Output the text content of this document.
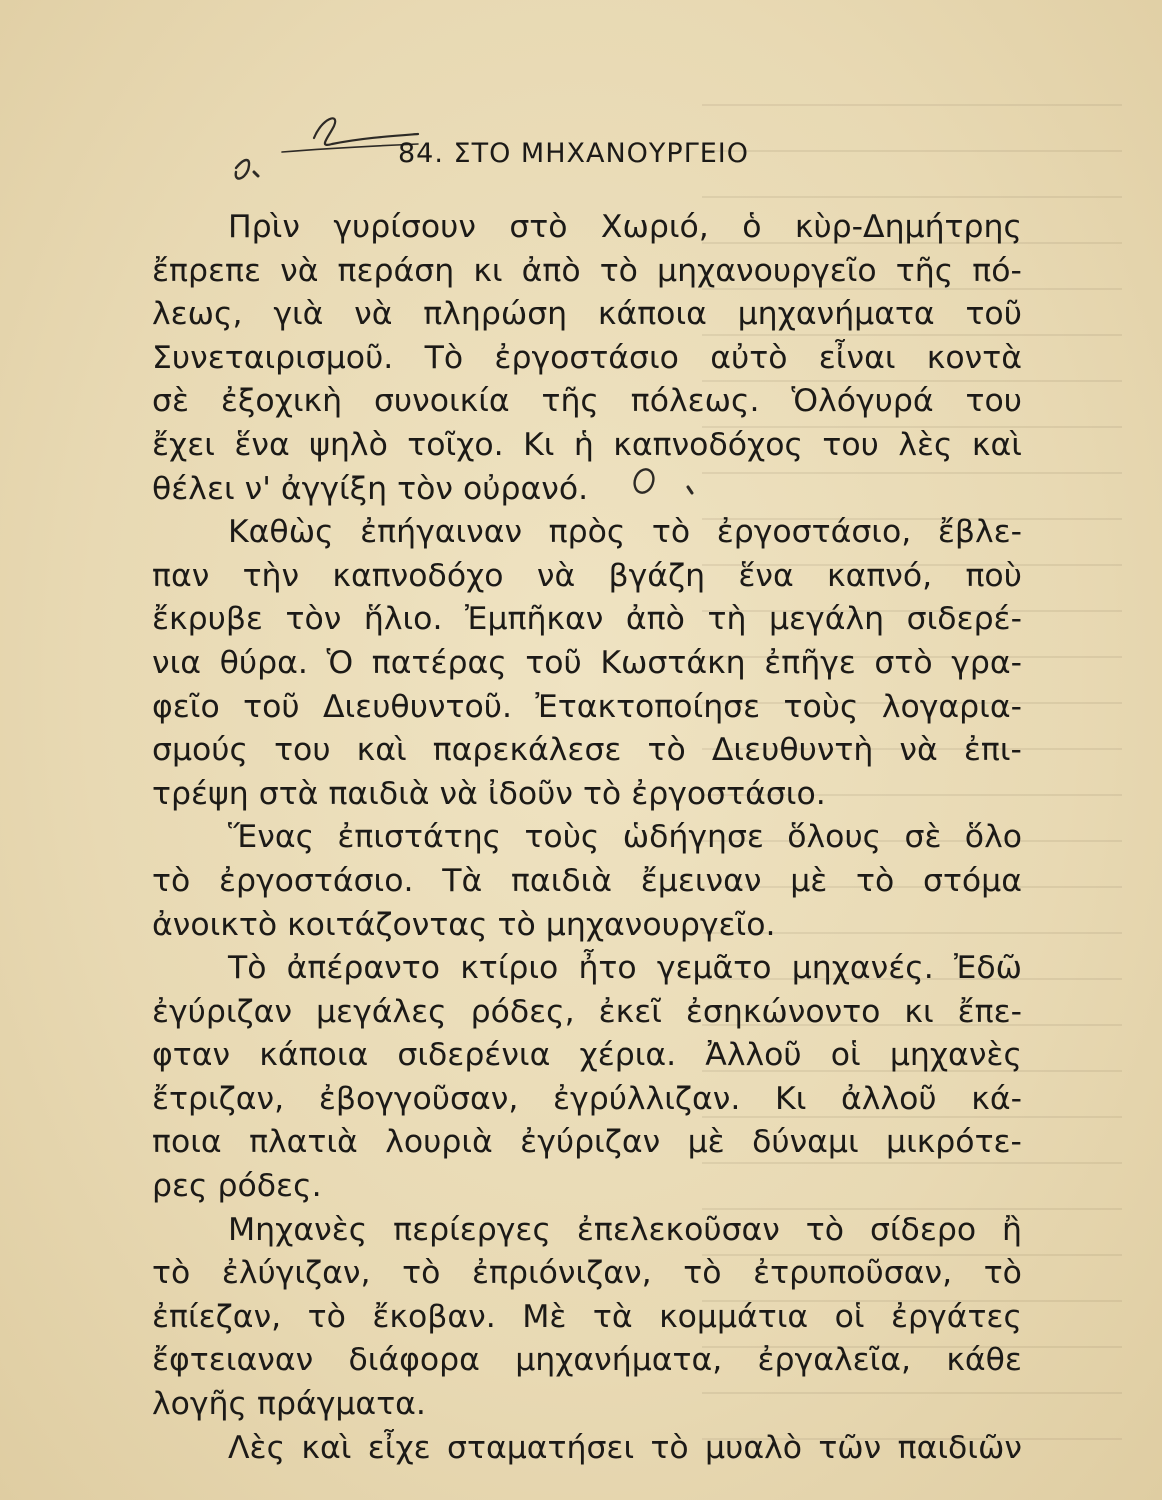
84. ΣΤΟ ΜΗΧΑΝΟΥΡΓΕΙΟ
Πρὶν γυρίσουν στὸ Χωριό, ὁ κὺρ-Δημήτρης
ἔπρεπε νὰ περάση κι ἀπὸ τὸ μηχανουργεῖο τῆς πό-
λεως, γιὰ νὰ πληρώση κάποια μηχανήματα τοῦ
Συνεταιρισμοῦ. Τὸ ἐργοστάσιο αὐτὸ εἶναι κοντὰ
σὲ ἐξοχικὴ συνοικία τῆς πόλεως. Ὁλόγυρά του
ἔχει ἕνα ψηλὸ τοῖχο. Κι ἡ καπνοδόχος του λὲς καὶ
θέλει ν' ἀγγίξη τὸν οὐρανό.
Καθὼς ἐπήγαιναν πρὸς τὸ ἐργοστάσιο, ἔβλε-
παν τὴν καπνοδόχο νὰ βγάζη ἕνα καπνό, ποὺ
ἔκρυβε τὸν ἥλιο. Ἐμπῆκαν ἀπὸ τὴ μεγάλη σιδερέ-
νια θύρα. Ὁ πατέρας τοῦ Κωστάκη ἐπῆγε στὸ γρα-
φεῖο τοῦ Διευθυντοῦ. Ἐτακτοποίησε τοὺς λογαρια-
σμούς του καὶ παρεκάλεσε τὸ Διευθυντὴ νὰ ἐπι-
τρέψη στὰ παιδιὰ νὰ ἰδοῦν τὸ ἐργοστάσιο.
Ἕνας ἐπιστάτης τοὺς ὡδήγησε ὅλους σὲ ὅλο
τὸ ἐργοστάσιο. Τὰ παιδιὰ ἔμειναν μὲ τὸ στόμα
ἀνοικτὸ κοιτάζοντας τὸ μηχανουργεῖο.
Τὸ ἀπέραντο κτίριο ἦτο γεμᾶτο μηχανές. Ἐδῶ
ἐγύριζαν μεγάλες ρόδες, ἐκεῖ ἐσηκώνοντο κι ἔπε-
φταν κάποια σιδερένια χέρια. Ἀλλοῦ οἱ μηχανὲς
ἔτριζαν, ἐβογγοῦσαν, ἐγρύλλιζαν. Κι ἀλλοῦ κά-
ποια πλατιὰ λουριὰ ἐγύριζαν μὲ δύναμι μικρότε-
ρες ρόδες.
Μηχανὲς περίεργες ἐπελεκοῦσαν τὸ σίδερο ἢ
τὸ ἐλύγιζαν, τὸ ἐπριόνιζαν, τὸ ἐτρυποῦσαν, τὸ
ἐπίεζαν, τὸ ἔκοβαν. Μὲ τὰ κομμάτια οἱ ἐργάτες
ἔφτειαναν διάφορα μηχανήματα, ἐργαλεῖα, κάθε
λογῆς πράγματα.
Λὲς καὶ εἶχε σταματήσει τὸ μυαλὸ τῶν παιδιῶν
